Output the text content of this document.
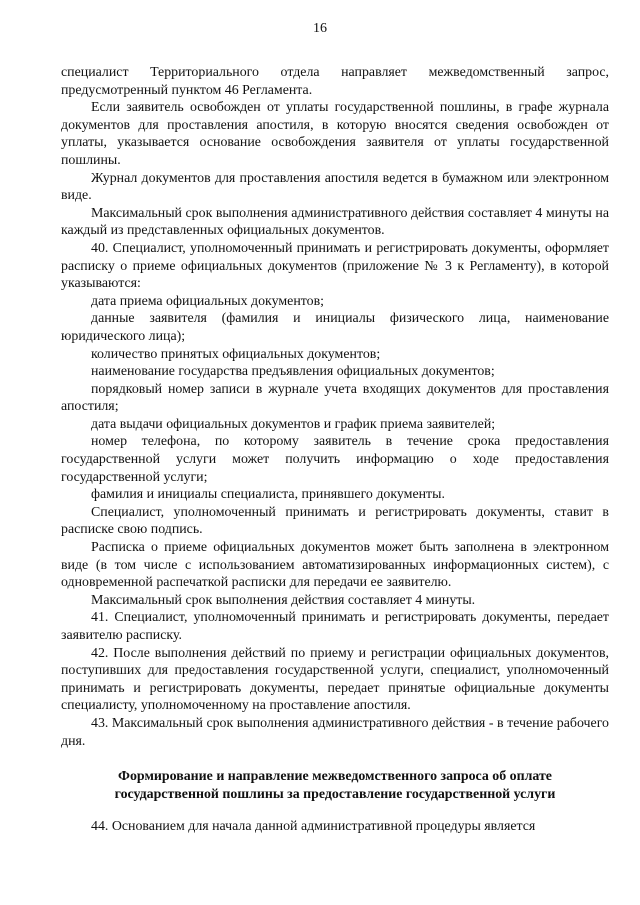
16

специалист Территориального отдела направляет межведомственный запрос, предусмотренный пунктом 46 Регламента.

Если заявитель освобожден от уплаты государственной пошлины, в графе журнала документов для проставления апостиля, в которую вносятся сведения освобожден от уплаты, указывается основание освобождения заявителя от уплаты государственной пошлины.

Журнал документов для проставления апостиля ведется в бумажном или электронном виде.

Максимальный срок выполнения административного действия составляет 4 минуты на каждый из представленных официальных документов.

40. Специалист, уполномоченный принимать и регистрировать документы, оформляет расписку о приеме официальных документов (приложение № 3 к Регламенту), в которой указываются:

дата приема официальных документов;

данные заявителя (фамилия и инициалы физического лица, наименование юридического лица);

количество принятых официальных документов;

наименование государства предъявления официальных документов;

порядковый номер записи в журнале учета входящих документов для проставления апостиля;

дата выдачи официальных документов и график приема заявителей;

номер телефона, по которому заявитель в течение срока предоставления государственной услуги может получить информацию о ходе предоставления государственной услуги;

фамилия и инициалы специалиста, принявшего документы.

Специалист, уполномоченный принимать и регистрировать документы, ставит в расписке свою подпись.

Расписка о приеме официальных документов может быть заполнена в электронном виде (в том числе с использованием автоматизированных информационных систем), с одновременной распечаткой расписки для передачи ее заявителю.

Максимальный срок выполнения действия составляет 4 минуты.

41. Специалист, уполномоченный принимать и регистрировать документы, передает заявителю расписку.

42. После выполнения действий по приему и регистрации официальных документов, поступивших для предоставления государственной услуги, специалист, уполномоченный принимать и регистрировать документы, передает принятые официальные документы специалисту, уполномоченному на проставление апостиля.

43. Максимальный срок выполнения административного действия - в течение рабочего дня.

Формирование и направление межведомственного запроса об оплате
государственной пошлины за предоставление государственной услуги

44. Основанием для начала данной административной процедуры является
